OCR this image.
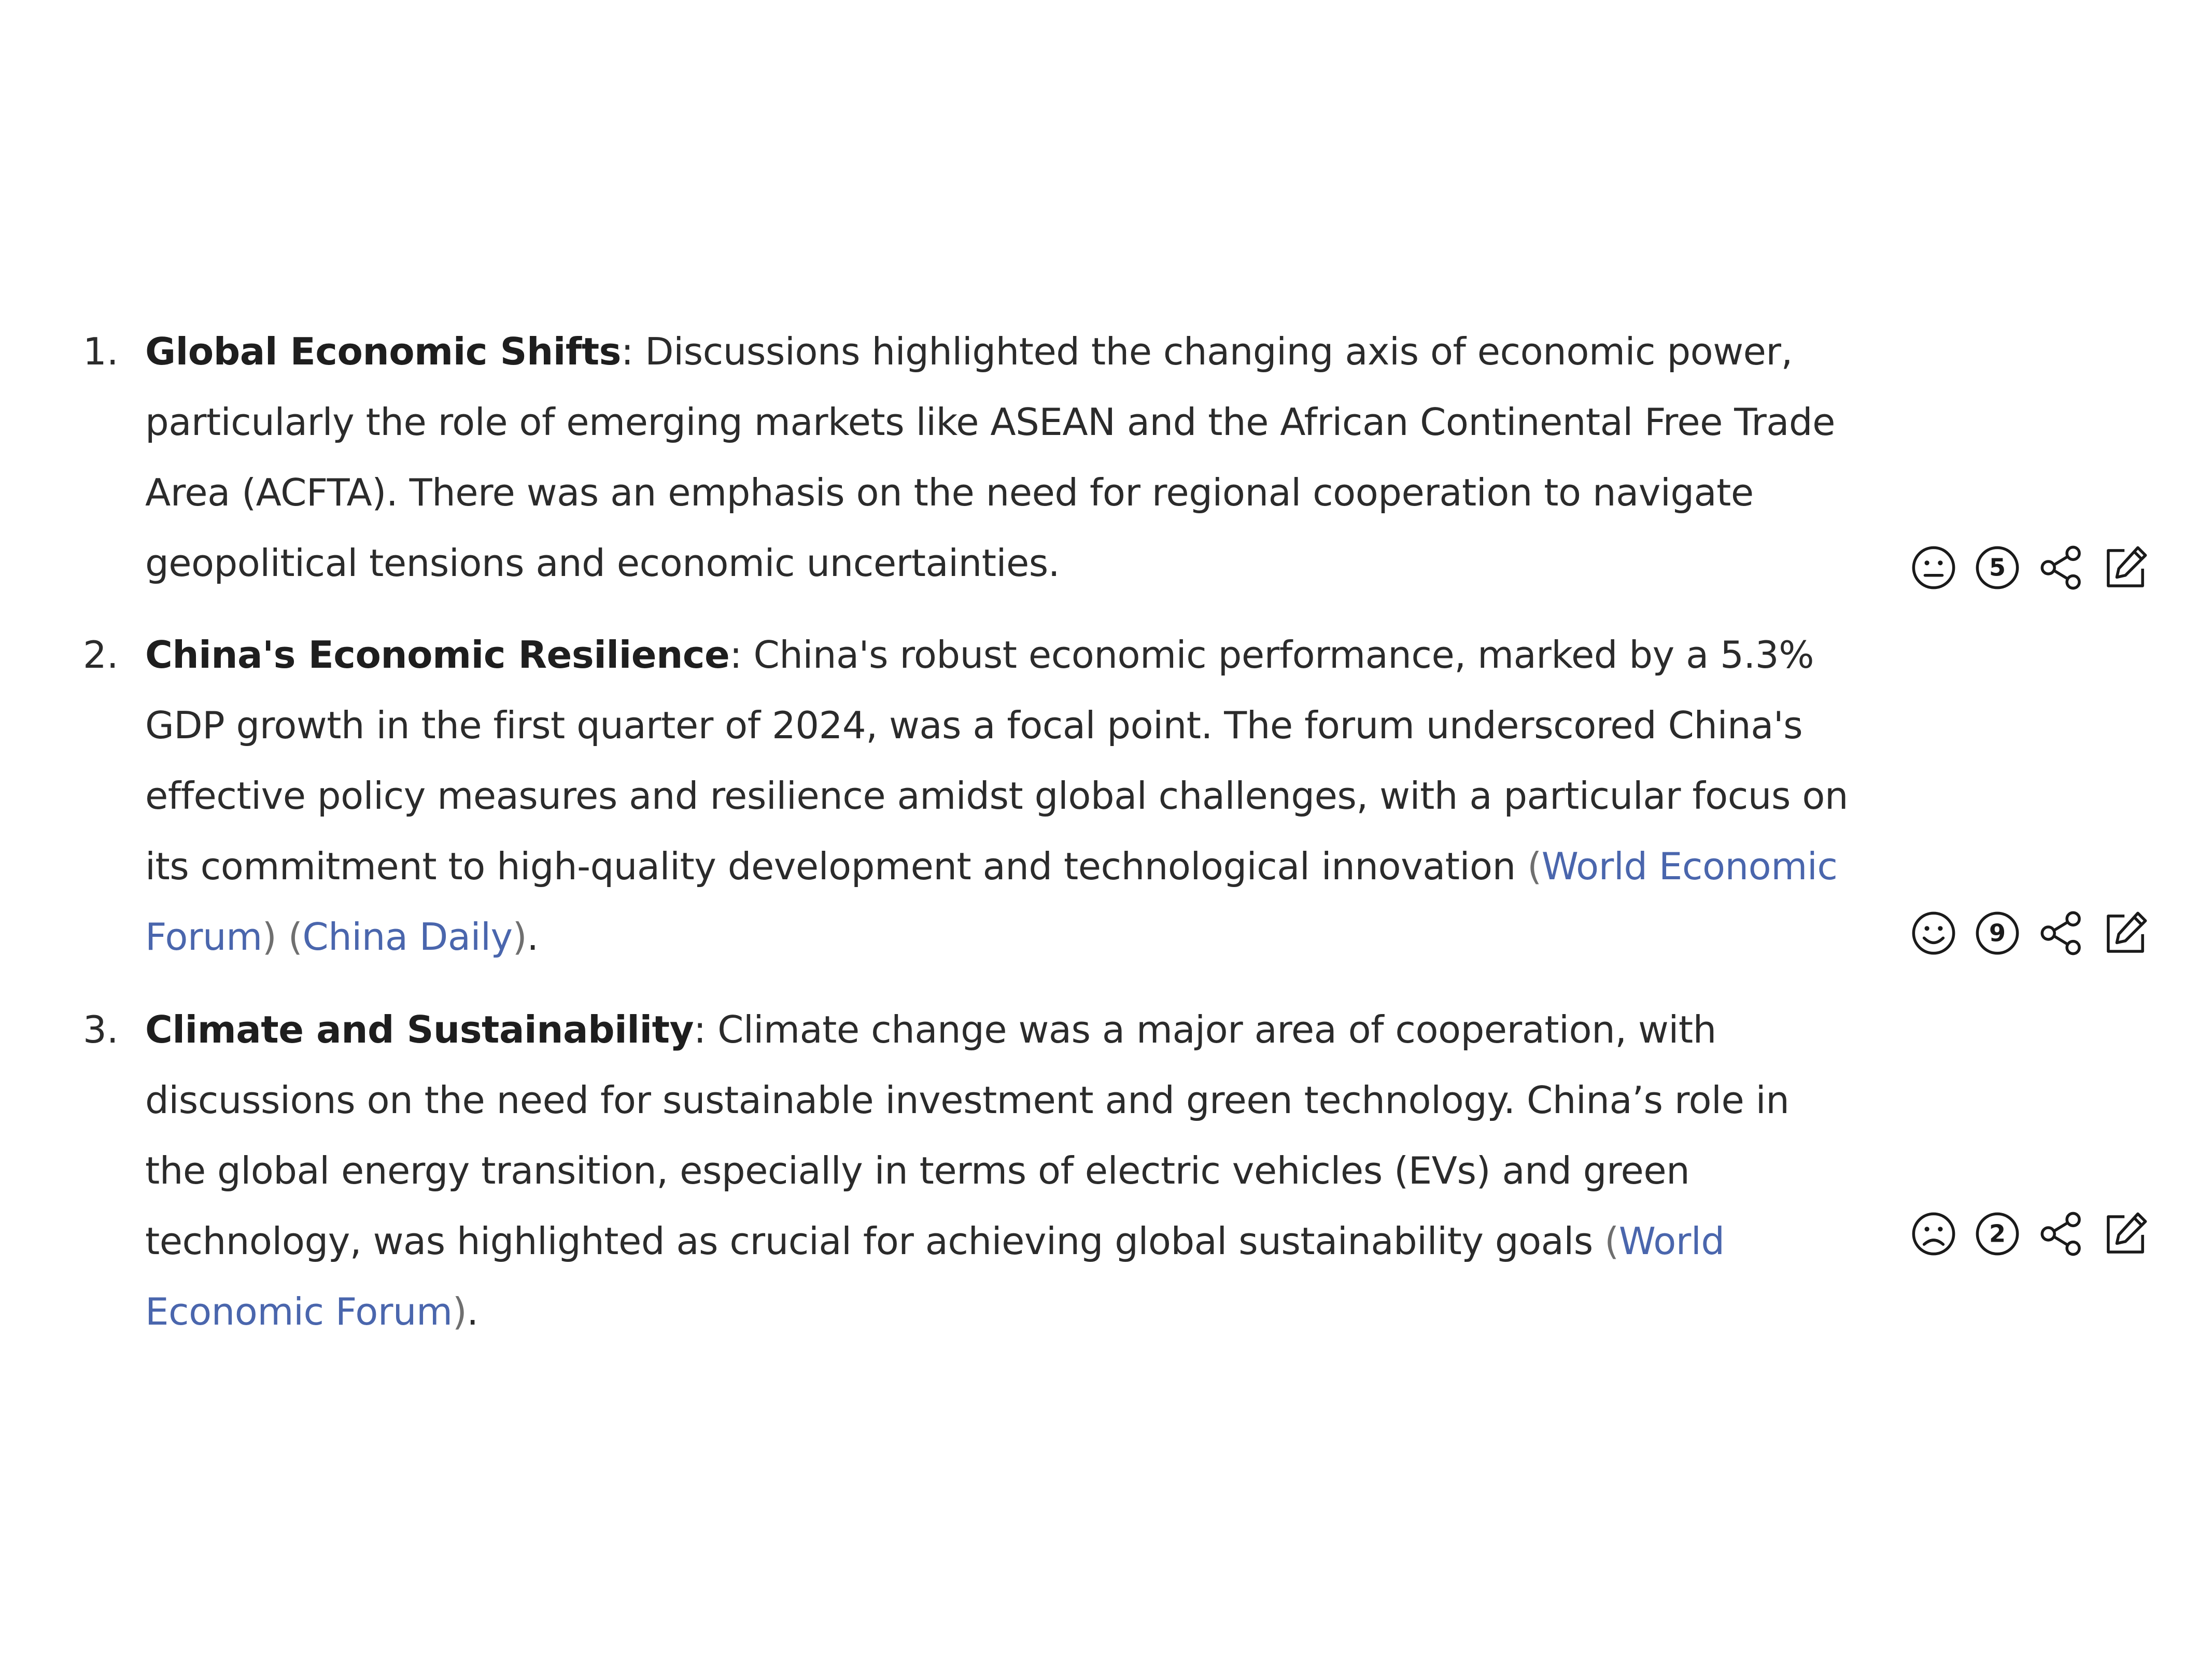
1. Global Economic Shifts: Discussions highlighted the changing axis of economic power, particularly the role of emerging markets like ASEAN and the African Continental Free Trade Area (ACFTA). There was an emphasis on the need for regional cooperation to navigate geopolitical tensions and economic uncertainties.	5
2. China's Economic Resilience: China's robust economic performance, marked by a 5.3% GDP growth in the first quarter of 2024, was a focal point. The forum underscored China's effective policy measures and resilience amidst global challenges, with a particular focus on its commitment to high-quality development and technological innovation (World Economic Forum) (China Daily).	9
3. Climate and Sustainability: Climate change was a major area of cooperation, with discussions on the need for sustainable investment and green technology. China’s role in the global energy transition, especially in terms of electric vehicles (EVs) and green technology, was highlighted as crucial for achieving global sustainability goals (World Economic Forum).
2
